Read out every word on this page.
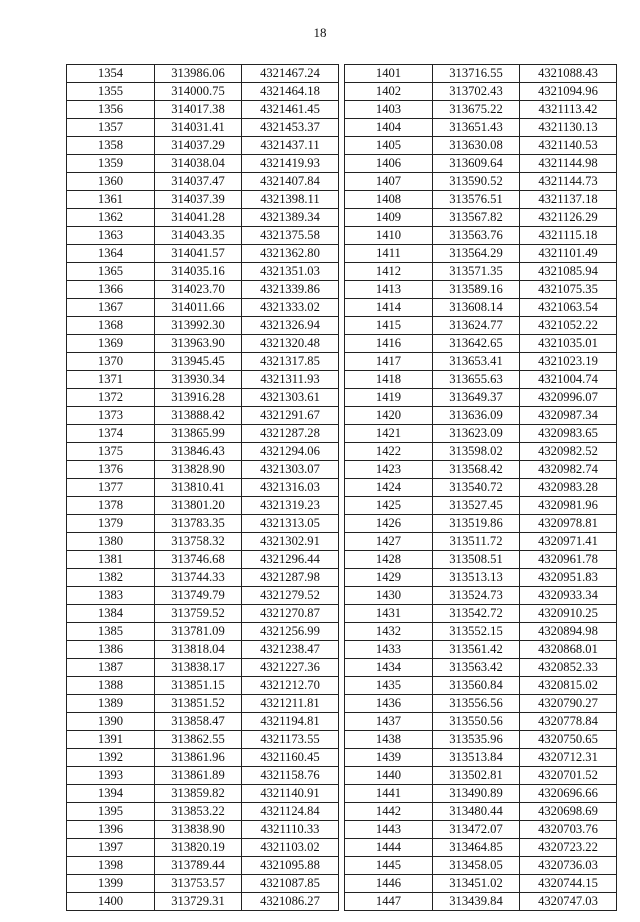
18
1354	313986.06	4321467.24
1355	314000.75	4321464.18
1356	314017.38	4321461.45
1357	314031.41	4321453.37
1358	314037.29	4321437.11
1359	314038.04	4321419.93
1360	314037.47	4321407.84
1361	314037.39	4321398.11
1362	314041.28	4321389.34
1363	314043.35	4321375.58
1364	314041.57	4321362.80
1365	314035.16	4321351.03
1366	314023.70	4321339.86
1367	314011.66	4321333.02
1368	313992.30	4321326.94
1369	313963.90	4321320.48
1370	313945.45	4321317.85
1371	313930.34	4321311.93
1372	313916.28	4321303.61
1373	313888.42	4321291.67
1374	313865.99	4321287.28
1375	313846.43	4321294.06
1376	313828.90	4321303.07
1377	313810.41	4321316.03
1378	313801.20	4321319.23
1379	313783.35	4321313.05
1380	313758.32	4321302.91
1381	313746.68	4321296.44
1382	313744.33	4321287.98
1383	313749.79	4321279.52
1384	313759.52	4321270.87
1385	313781.09	4321256.99
1386	313818.04	4321238.47
1387	313838.17	4321227.36
1388	313851.15	4321212.70
1389	313851.52	4321211.81
1390	313858.47	4321194.81
1391	313862.55	4321173.55
1392	313861.96	4321160.45
1393	313861.89	4321158.76
1394	313859.82	4321140.91
1395	313853.22	4321124.84
1396	313838.90	4321110.33
1397	313820.19	4321103.02
1398	313789.44	4321095.88
1399	313753.57	4321087.85
1400	313729.31	4321086.27
1401	313716.55	4321088.43
1402	313702.43	4321094.96
1403	313675.22	4321113.42
1404	313651.43	4321130.13
1405	313630.08	4321140.53
1406	313609.64	4321144.98
1407	313590.52	4321144.73
1408	313576.51	4321137.18
1409	313567.82	4321126.29
1410	313563.76	4321115.18
1411	313564.29	4321101.49
1412	313571.35	4321085.94
1413	313589.16	4321075.35
1414	313608.14	4321063.54
1415	313624.77	4321052.22
1416	313642.65	4321035.01
1417	313653.41	4321023.19
1418	313655.63	4321004.74
1419	313649.37	4320996.07
1420	313636.09	4320987.34
1421	313623.09	4320983.65
1422	313598.02	4320982.52
1423	313568.42	4320982.74
1424	313540.72	4320983.28
1425	313527.45	4320981.96
1426	313519.86	4320978.81
1427	313511.72	4320971.41
1428	313508.51	4320961.78
1429	313513.13	4320951.83
1430	313524.73	4320933.34
1431	313542.72	4320910.25
1432	313552.15	4320894.98
1433	313561.42	4320868.01
1434	313563.42	4320852.33
1435	313560.84	4320815.02
1436	313556.56	4320790.27
1437	313550.56	4320778.84
1438	313535.96	4320750.65
1439	313513.84	4320712.31
1440	313502.81	4320701.52
1441	313490.89	4320696.66
1442	313480.44	4320698.69
1443	313472.07	4320703.76
1444	313464.85	4320723.22
1445	313458.05	4320736.03
1446	313451.02	4320744.15
1447	313439.84	4320747.03
